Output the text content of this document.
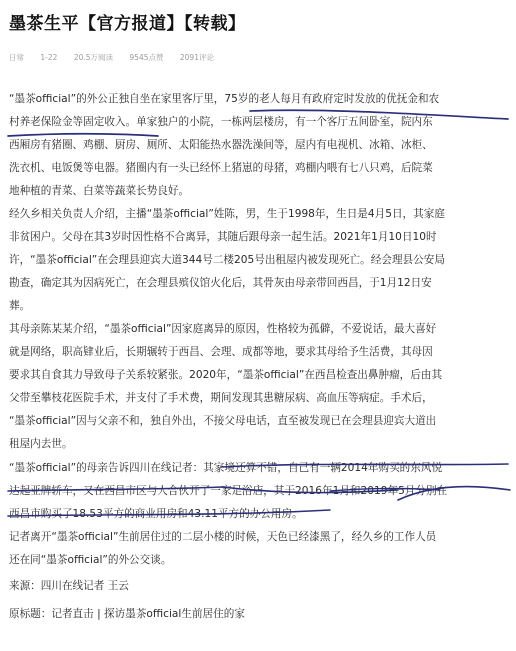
墨茶生平【官方报道】【转载】
日常 1-22 20.5万阅读 9545点赞 2091评论
“墨茶official”的外公正独自坐在家里客厅里，75岁的老人每月有政府定时发放的优抚金和农
村养老保险金等固定收入。单家独户的小院，一栋两层楼房，有一个客厅五间卧室，院内东
西厢房有猪圈、鸡棚、厨房、厕所、太阳能热水器洗澡间等，屋内有电视机、冰箱、冰柜、
洗衣机、电饭煲等电器。猪圈内有一头已经怀上猪崽的母猪，鸡棚内喂有七八只鸡，后院菜
地种植的青菜、白菜等蔬菜长势良好。
经久乡相关负责人介绍，主播“墨茶official”姓陈，男，生于1998年，生日是4月5日，其家庭
非贫困户。父母在其3岁时因性格不合离异，其随后跟母亲一起生活。2021年1月10日10时
许，“墨茶official”在会理县迎宾大道344号二楼205号出租屋内被发现死亡。经会理县公安局
勘查，确定其为因病死亡，在会理县殡仪馆火化后，其骨灰由母亲带回西昌，于1月12日安
葬。
其母亲陈某某介绍，“墨茶official”因家庭离异的原因，性格较为孤僻，不爱说话，最大喜好
就是网络，职高肄业后，长期辗转于西昌、会理、成都等地，要求其母给予生活费，其母因
要求其自食其力导致母子关系较紧张。2020年，“墨茶official”在西昌检查出鼻肿瘤，后由其
父带至攀枝花医院手术，并支付了手术费，期间发现其患糖尿病、高血压等病症。手术后，
“墨茶official”因与父亲不和，独自外出，不接父母电话，直至被发现已在会理县迎宾大道出
租屋内去世。
“墨茶official”的母亲告诉四川在线记者：其家境还算不错，自己有一辆2014年购买的东风悦
达起亚牌轿车，又在西昌市区与人合伙开了一家足浴店，其于2016年1月和2019年5月分别在
西昌市购买了18.53平方的商业用房和43.11平方的办公用房。
记者离开“墨茶official”生前居住过的二层小楼的时候，天色已经漆黑了，经久乡的工作人员
还在同“墨茶official”的外公交谈。
来源：四川在线记者 王云
原标题：记者直击 | 探访墨茶official生前居住的家
